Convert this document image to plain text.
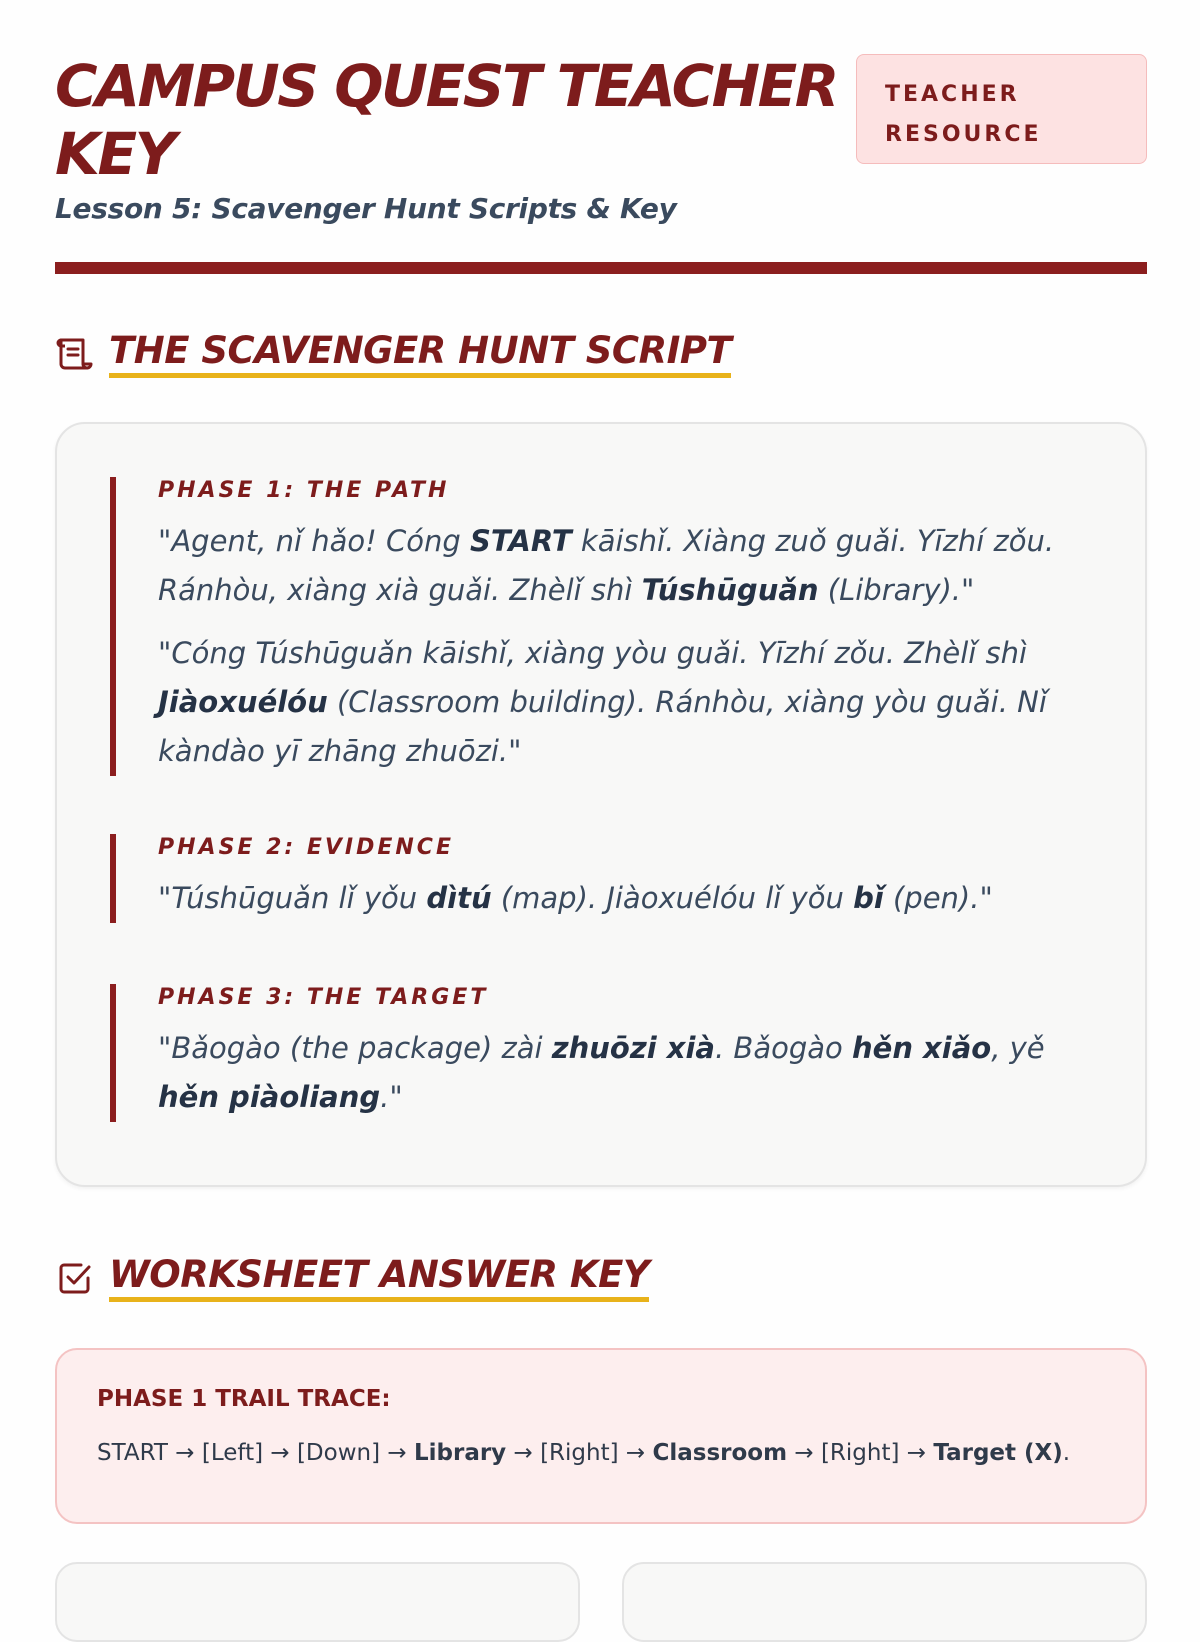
CAMPUS QUEST TEACHER KEY
TEACHER
RESOURCE
Lesson 5: Scavenger Hunt Scripts & Key
THE SCAVENGER HUNT SCRIPT
PHASE 1: THE PATH

"Agent, nǐ hǎo! Cóng START kāishǐ. Xiàng zuǒ guǎi. Yīzhí zǒu. Ránhòu, xiàng xià guǎi. Zhèlǐ shì Túshūguǎn (Library)."

"Cóng Túshūguǎn kāishǐ, xiàng yòu guǎi. Yīzhí zǒu. Zhèlǐ shì Jiàoxuélóu (Classroom building). Ránhòu, xiàng yòu guǎi. Nǐ kàndào yī zhāng zhuōzi."

PHASE 2: EVIDENCE

"Túshūguǎn lǐ yǒu dìtú (map). Jiàoxuélóu lǐ yǒu bǐ (pen)."

PHASE 3: THE TARGET

"Bǎogào (the package) zài zhuōzi xià. Bǎogào hěn xiǎo, yě hěn piàoliang."

WORKSHEET ANSWER KEY
PHASE 1 TRAIL TRACE:

START → [Left] → [Down] → Library → [Right] → Classroom → [Right] → Target (X).
